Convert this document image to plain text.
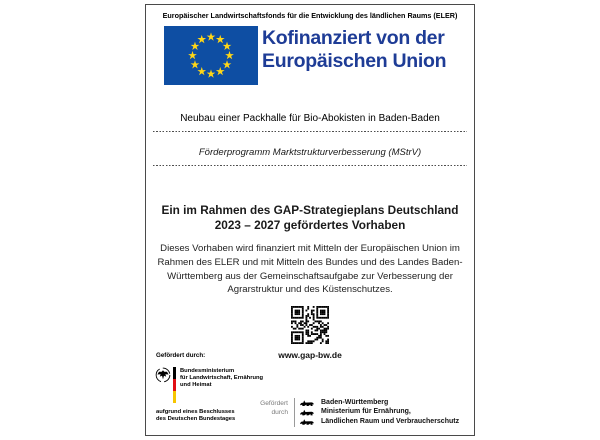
Europäischer Landwirtschaftsfonds für die Entwicklung des ländlichen Raums (ELER)
Kofinanziert von der
Europäischen Union
Neubau einer Packhalle für Bio-Abokisten in Baden-Baden
Förderprogramm Marktstrukturverbesserung (MStrV)
Ein im Rahmen des GAP-Strategieplans Deutschland
2023 – 2027 gefördertes Vorhaben
Dieses Vorhaben wird finanziert mit Mitteln der Europäischen Union im Rahmen des ELER und mit Mitteln des Bundes und des Landes Baden-Württemberg aus der Gemeinschaftsaufgabe zur Verbesserung der Agrarstruktur und des Küstenschutzes.
www.gap-bw.de
Gefördert durch:
Bundesministerium
für Landwirtschaft, Ernährung
und Heimat
aufgrund eines Beschlusses
des Deutschen Bundestages
Gefördert
durch
Baden-Württemberg
Ministerium für Ernährung,
Ländlichen Raum und Verbraucherschutz
